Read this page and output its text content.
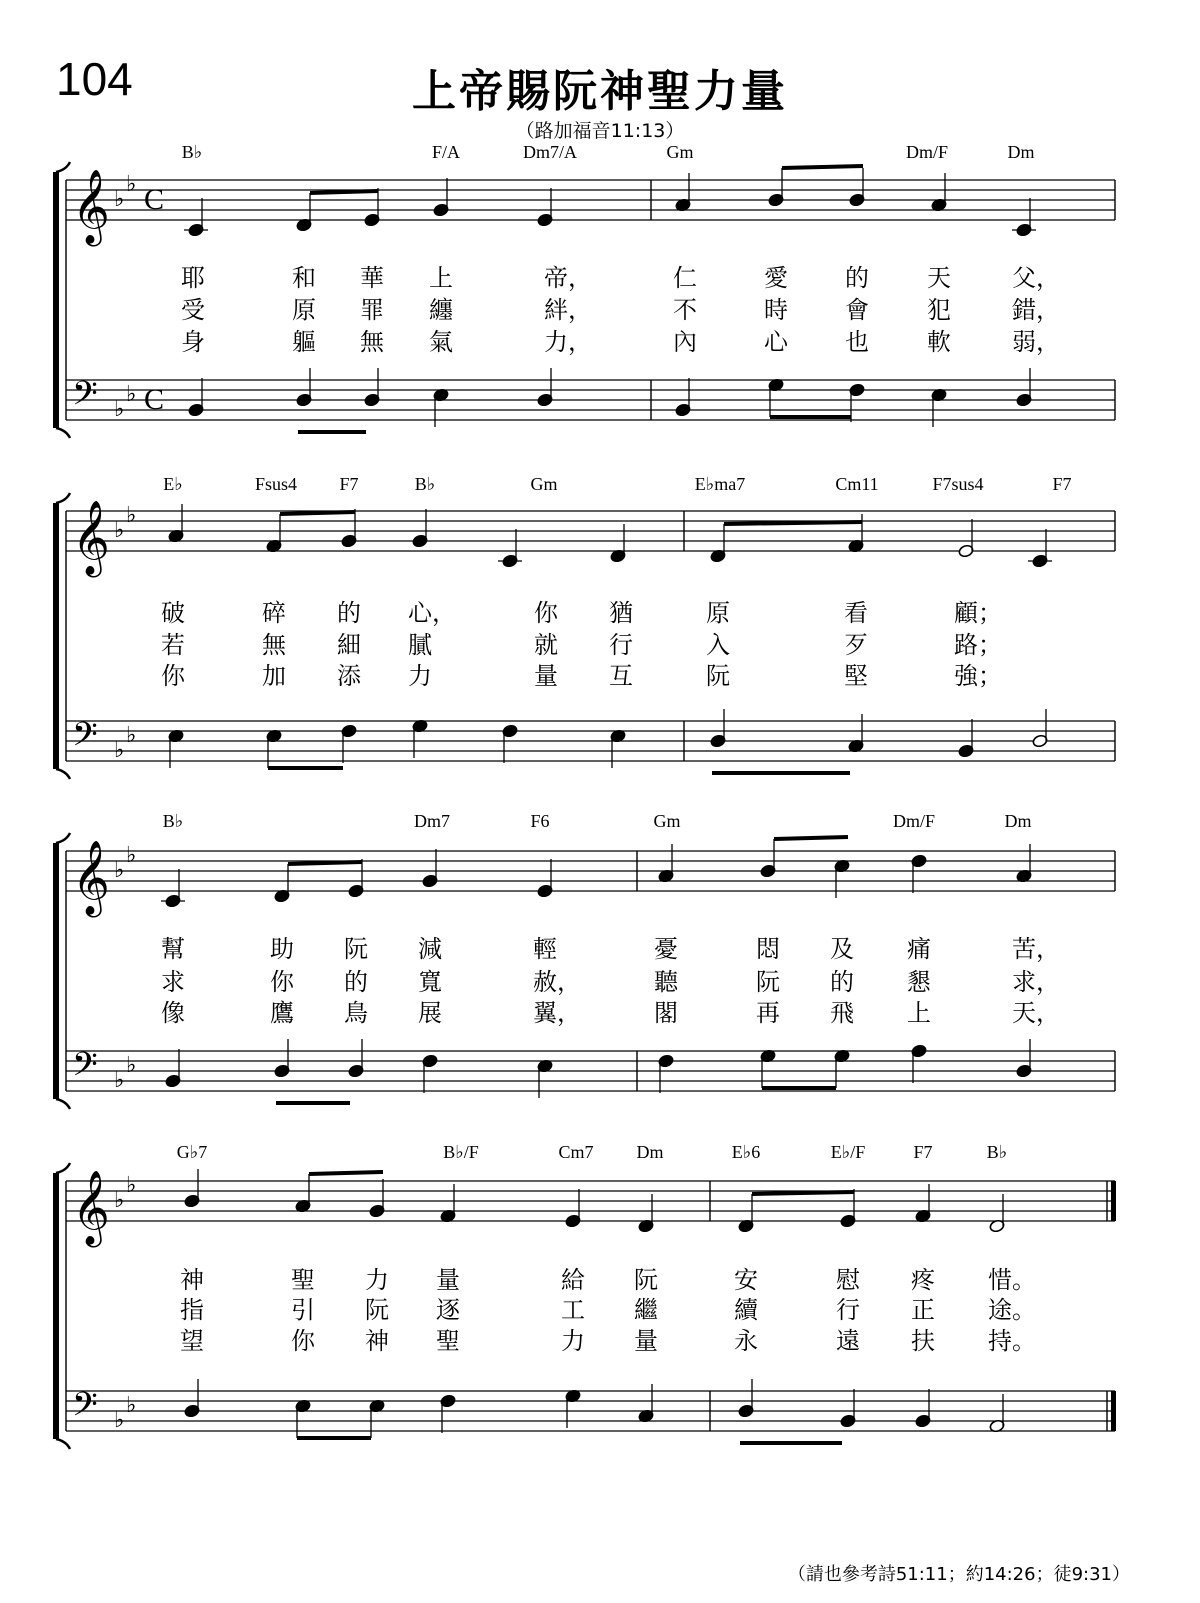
𝄞 ♭
♭ C
𝄢 ♭
♭ C
B♭	F/A	Dm7/A	Gm	Dm/F	Dm
耶	和 華 上	帝，	仁	愛 的 天	父，
受	原 罪 纏	絆，	不	時 會 犯	錯，
身	軀 無 氣	力，	內	心 也 軟	弱，
𝄞 ♭
♭
𝄢 ♭
♭
E♭	Fsus4 F7	B♭	Gm	E♭ma7	Cm11	F7sus4	F7
破	碎 的 心，	你 猶	原	看	顧；
若	無 細 膩	就 行	入	歹	路；
你	加 添 力	量 互	阮	堅	強；
𝄞 ♭
♭
𝄢 ♭
♭
B♭	Dm7	F6	Gm	Dm/F	Dm
幫	助 阮 減	輕	憂	悶 及 痛	苦，
求	你 的 寬	赦，	聽	阮 的 懇	求，
像	鷹 鳥 展	翼，	閣	再 飛 上	天，
𝄞 ♭
♭
𝄢 ♭
♭
G♭7	B♭/F	Cm7 Dm	E♭6	E♭/F	F7	B♭
神	聖 力 量	給 阮	安	慰 疼 惜。
指	引 阮 逐	工 繼	續	行 正 途。
望	你 神 聖	力 量	永	遠 扶 持。
104	上帝賜阮神聖力量
（路加福音11:13）
（請也參考詩51:11；約14:26；徒9:31）
